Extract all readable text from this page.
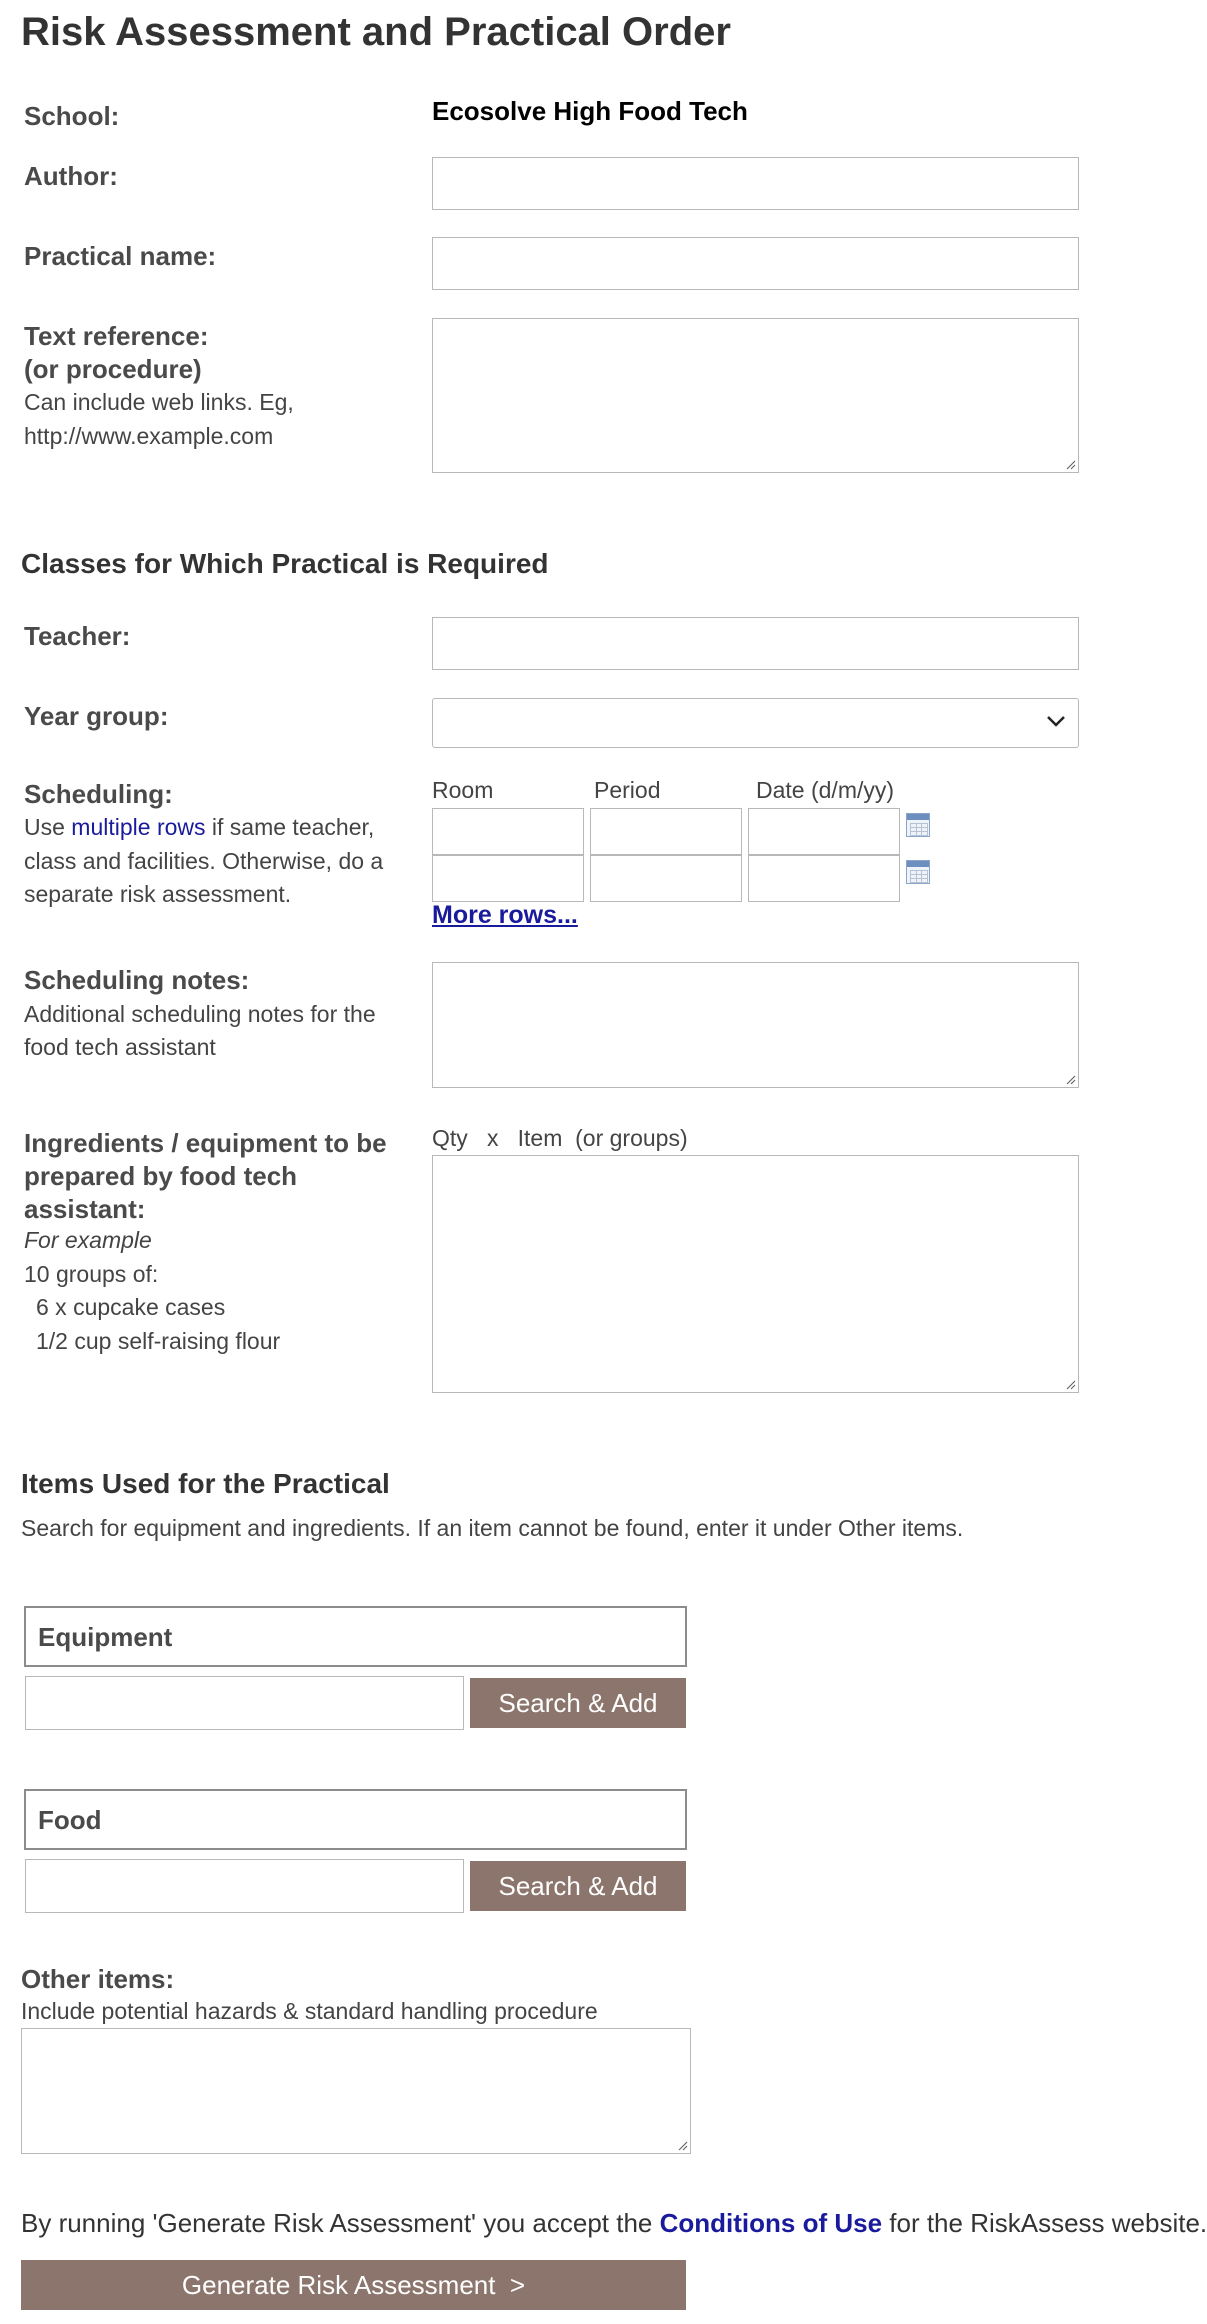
Risk Assessment and Practical Order
School:	Ecosolve High Food Tech
Author:
Practical name:
Text reference:
(or procedure)
Can include web links. Eg,
http://www.example.com
Classes for Which Practical is Required
Teacher:
Year group:
Scheduling:
Use multiple rows if same teacher,
class and facilities. Otherwise, do a
separate risk assessment.
Room	Period	Date (d/m/yy)
More rows...
Scheduling notes:
Additional scheduling notes for the
food tech assistant
Ingredients / equipment to be
prepared by food tech
assistant:
For example
10 groups of:
6 x cupcake cases
1/2 cup self-raising flour
Qty   x   Item  (or groups)
Items Used for the Practical
Search for equipment and ingredients. If an item cannot be found, enter it under Other items.
Equipment
Search & Add
Food
Search & Add
Other items:
Include potential hazards & standard handling procedure
By running 'Generate Risk Assessment' you accept the Conditions of Use for the RiskAssess website.
Generate Risk Assessment  >
